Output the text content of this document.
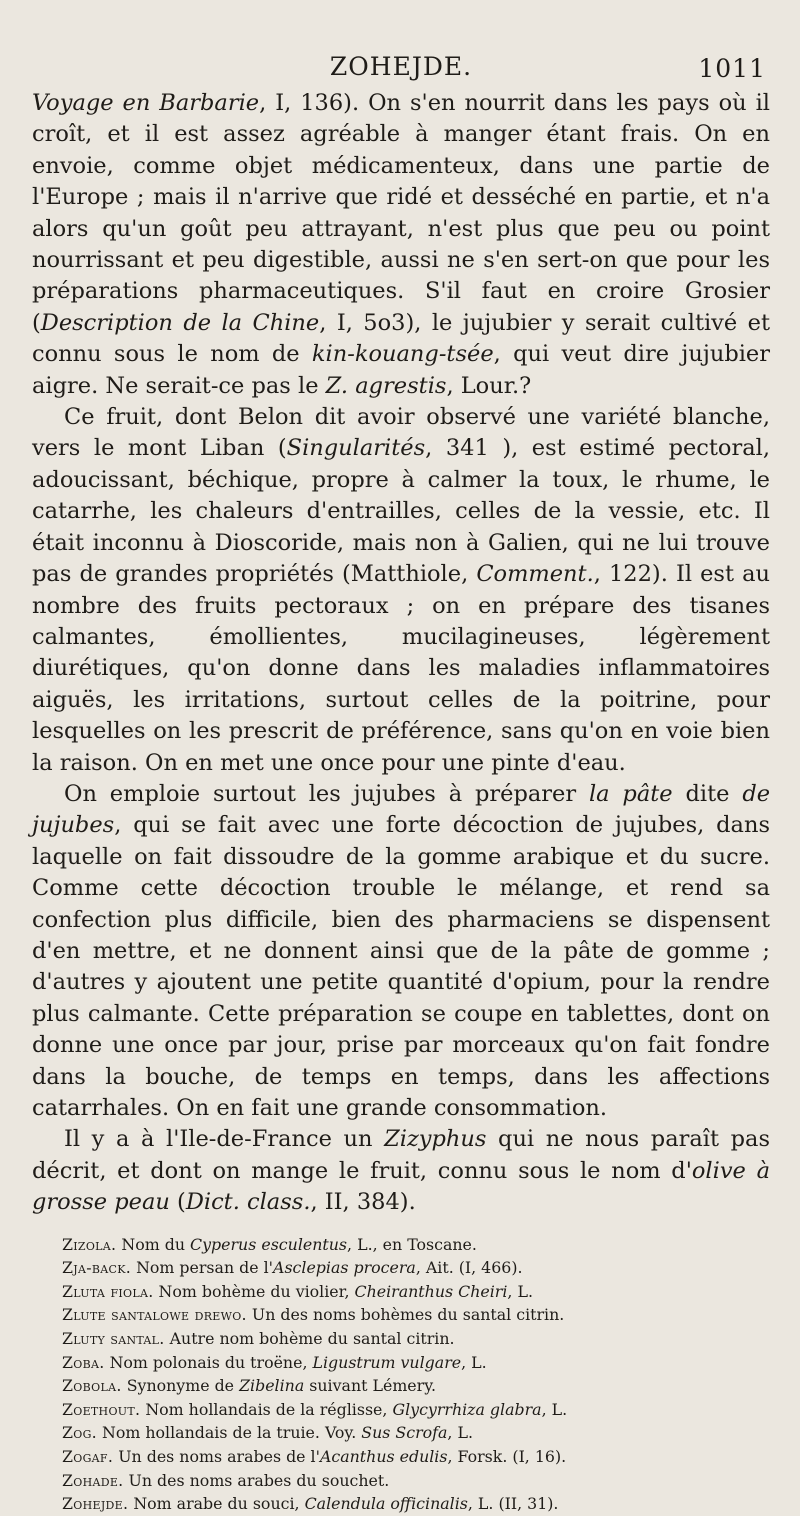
ZOHEJDE.	1011

Voyage en Barbarie, I, 136). On s'en nourrit dans les pays où il croît, et il est assez agréable à manger étant frais. On en envoie, comme objet médicamenteux, dans une partie de l'Europe ; mais il n'arrive que ridé et desséché en partie, et n'a alors qu'un goût peu attrayant, n'est plus que peu ou point nourrissant et peu digestible, aussi ne s'en sert-on que pour les préparations pharmaceutiques. S'il faut en croire Grosier (Description de la Chine, I, 5o3), le jujubier y serait cultivé et connu sous le nom de kin-kouang-tsée, qui veut dire jujubier aigre. Ne serait-ce pas le Z. agrestis, Lour.?

Ce fruit, dont Belon dit avoir observé une variété blanche, vers le mont Liban (Singularités, 341 ), est estimé pectoral, adoucissant, béchique, propre à calmer la toux, le rhume, le catarrhe, les chaleurs d'entrailles, celles de la vessie, etc. Il était inconnu à Dioscoride, mais non à Galien, qui ne lui trouve pas de grandes propriétés (Matthiole, Comment., 122). Il est au nombre des fruits pectoraux ; on en prépare des tisanes calmantes, émollientes, mucilagineuses, légèrement diurétiques, qu'on donne dans les maladies inflammatoires aiguës, les irritations, surtout celles de la poitrine, pour lesquelles on les prescrit de préférence, sans qu'on en voie bien la raison. On en met une once pour une pinte d'eau.

On emploie surtout les jujubes à préparer la pâte dite de jujubes, qui se fait avec une forte décoction de jujubes, dans laquelle on fait dissoudre de la gomme arabique et du sucre. Comme cette décoction trouble le mélange, et rend sa confection plus difficile, bien des pharmaciens se dispensent d'en mettre, et ne donnent ainsi que de la pâte de gomme ; d'autres y ajoutent une petite quantité d'opium, pour la rendre plus calmante. Cette préparation se coupe en tablettes, dont on donne une once par jour, prise par morceaux qu'on fait fondre dans la bouche, de temps en temps, dans les affections catarrhales. On en fait une grande consommation.

Il y a à l'Ile-de-France un Zizyphus qui ne nous paraît pas décrit, et dont on mange le fruit, connu sous le nom d'olive à grosse peau (Dict. class., II, 384).

Zizola. Nom du Cyperus esculentus, L., en Toscane.
Zja-back. Nom persan de l'Asclepias procera, Ait. (I, 466).
Zluta fiola. Nom bohème du violier, Cheiranthus Cheiri, L.
Zlute santalowe drewo. Un des noms bohèmes du santal citrin.
Zluty santal. Autre nom bohème du santal citrin.
Zoba. Nom polonais du troëne, Ligustrum vulgare, L.
Zobola. Synonyme de Zibelina suivant Lémery.
Zoethout. Nom hollandais de la réglisse, Glycyrrhiza glabra, L.
Zog. Nom hollandais de la truie. Voy. Sus Scrofa, L.
Zogaf. Un des noms arabes de l'Acanthus edulis, Forsk. (I, 16).
Zohade. Un des noms arabes du souchet.
Zohejde. Nom arabe du souci, Calendula officinalis, L. (II, 31).
